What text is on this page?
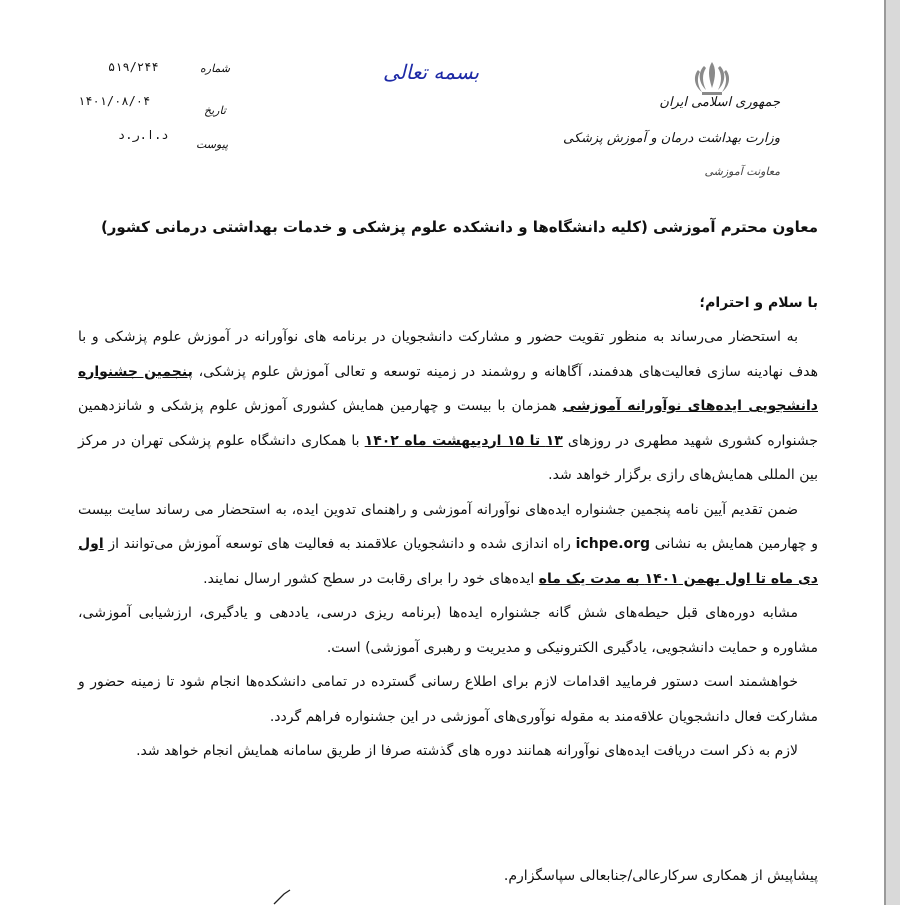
جمهوری اسلامی ایران
وزارت بهداشت درمان و آموزش پزشکی
معاونت آموزشی
بسمه تعالی
۵۱۹/۲۴۴	شماره
۱۴۰۱/۰۸/۰۴
تاریخ
د.ا.ر.د
پیوست
معاون محترم آموزشی (کلیه دانشگاه‌ها و دانشکده علوم پزشکی و خدمات بهداشتی درمانی کشور)
با سلام و احترام؛

به استحضار می‌رساند به منظور تقویت حضور و مشارکت دانشجویان در برنامه های نوآورانه در آموزش علوم پزشکی و با هدف نهادینه سازی فعالیت‌های هدفمند، آگاهانه و روشمند در زمینه توسعه و تعالی آموزش علوم پزشکی، پنجمین جشنواره دانشجویی ایده‌های نوآورانه آموزشی همزمان با بیست و چهارمین همایش کشوری آموزش علوم پزشکی و شانزدهمین جشنواره کشوری شهید مطهری در روزهای ۱۳ تا ۱۵ اردیبهشت ماه ۱۴۰۲ با همکاری دانشگاه علوم پزشکی تهران در مرکز بین المللی همایش‌های رازی برگزار خواهد شد.

ضمن تقدیم آیین نامه پنجمین جشنواره ایده‌های نوآورانه آموزشی و راهنمای تدوین ایده، به استحضار می رساند سایت بیست و چهارمین همایش به نشانی ichpe.org راه اندازی شده و دانشجویان علاقمند به فعالیت های توسعه آموزش می‌توانند از اول دی ماه تا اول بهمن ۱۴۰۱ به مدت یک ماه ایده‌های خود را برای رقابت در سطح کشور ارسال نمایند.

مشابه دوره‌های قبل حیطه‌های شش گانه جشنواره ایده‌ها (برنامه ریزی درسی، یاددهی و یادگیری، ارزشیابی آموزشی، مشاوره و حمایت دانشجویی، یادگیری الکترونیکی و مدیریت و رهبری آموزشی) است.

خواهشمند است دستور فرمایید اقدامات لازم برای اطلاع رسانی گسترده در تمامی دانشکده‌ها انجام شود تا زمینه حضور و مشارکت فعال دانشجویان علاقه‌مند به مقوله نوآوری‌های آموزشی در این جشنواره فراهم گردد.

لازم به ذکر است دریافت ایده‌های نوآورانه همانند دوره های گذشته صرفا از طریق سامانه همایش انجام خواهد شد.

پیشاپیش از همکاری سرکارعالی/جنابعالی سپاسگزارم.
